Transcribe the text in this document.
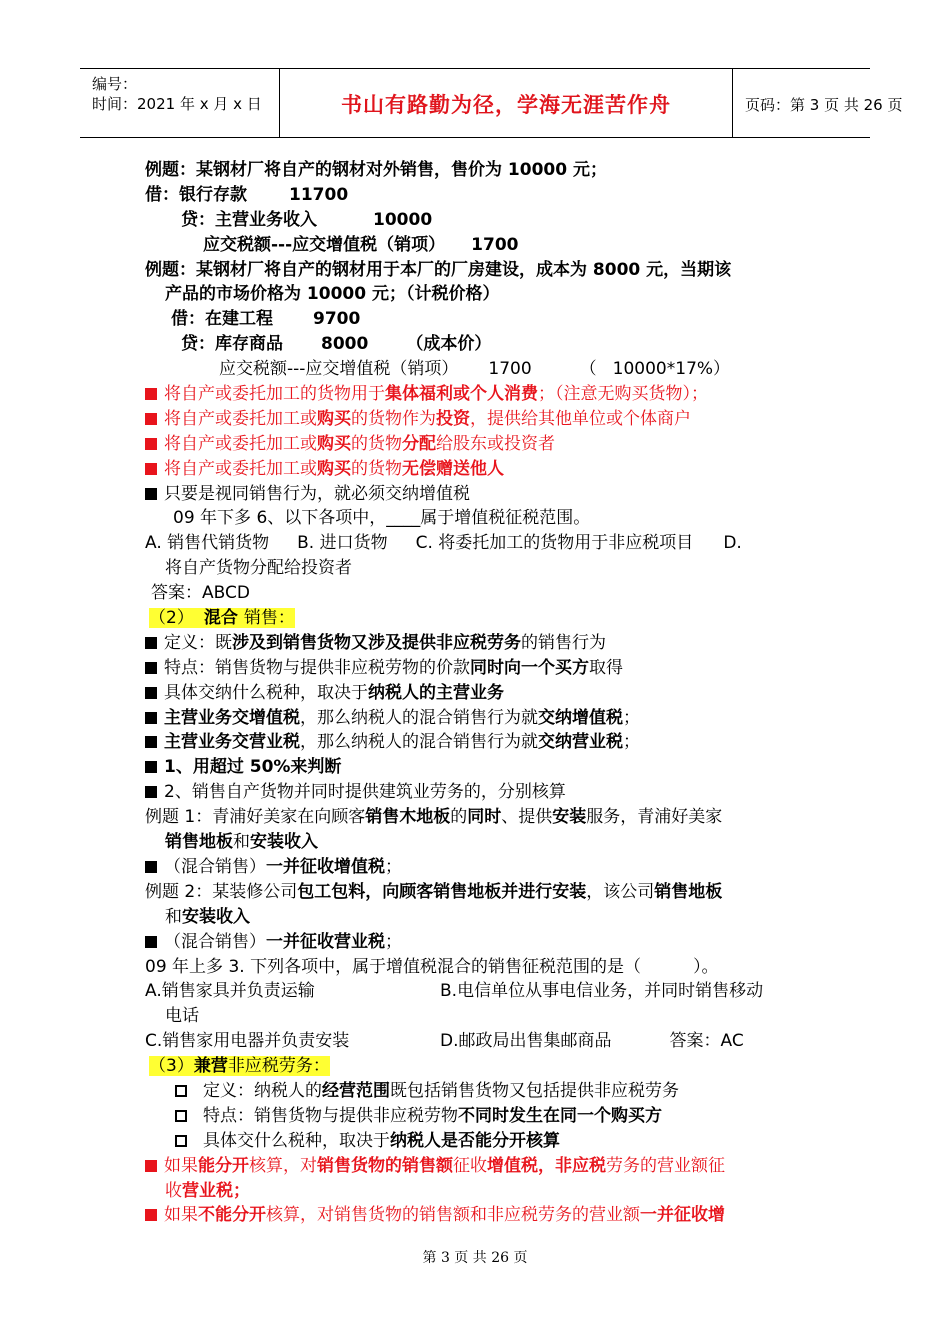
编号：
时间：2021 年 x 月 x 日	书山有路勤为径，学海无涯苦作舟	页码：第 3 页 共 26 页
例题：某钢材厂将自产的钢材对外销售，售价为 10000 元；
借：银行存款 11700
贷：主营业务收入	10000
应交税额---应交增值税（销项） 1700
例题：某钢材厂将自产的钢材用于本厂的厂房建设，成本为 8000 元，当期该
产品的市场价格为 10000 元；（计税价格）
借：在建工程 9700
贷：库存商品 8000 （成本价）
应交税额---应交增值税（销项） 1700	（ 10000*17%）
将自产或委托加工的货物用于集体福利或个人消费；（注意无购买货物）；
将自产或委托加工或购买的货物作为投资，提供给其他单位或个体商户
将自产或委托加工或购买的货物分配给股东或投资者
将自产或委托加工或购买的货物无偿赠送他人
只要是视同销售行为，就必须交纳增值税
09 年下多 6、以下各项中，____属于增值税征税范围。
A. 销售代销货物 B. 进口货物 C. 将委托加工的货物用于非应税项目 D.
将自产货物分配给投资者
答案：ABCD
（2） 混合 销售：
定义：既涉及到销售货物又涉及提供非应税劳务的销售行为
特点：销售货物与提供非应税劳物的价款同时向一个买方取得
具体交纳什么税种，取决于纳税人的主营业务
主营业务交增值税，那么纳税人的混合销售行为就交纳增值税；
主营业务交营业税，那么纳税人的混合销售行为就交纳营业税；
1、用超过 50%来判断
2、销售自产货物并同时提供建筑业劳务的，分别核算
例题 1：青浦好美家在向顾客销售木地板的同时、提供安装服务，青浦好美家
销售地板和安装收入
（混合销售）一并征收增值税；
例题 2：某装修公司包工包料，向顾客销售地板并进行安装，该公司销售地板
和安装收入
（混合销售）一并征收营业税；
09 年上多 3. 下列各项中，属于增值税混合的销售征税范围的是（	）。
A.销售家具并负责运输	B.电信单位从事电信业务，并同时销售移动
电话
C.销售家用电器并负责安装	D.邮政局出售集邮商品	答案：AC
（3）兼营非应税劳务：
定义：纳税人的经营范围既包括销售货物又包括提供非应税劳务
特点：销售货物与提供非应税劳物不同时发生在同一个购买方
具体交什么税种，取决于纳税人是否能分开核算
如果能分开核算，对销售货物的销售额征收增值税，非应税劳务的营业额征
收营业税；
如果不能分开核算，对销售货物的销售额和非应税劳务的营业额一并征收增
第 3 页 共 26 页
